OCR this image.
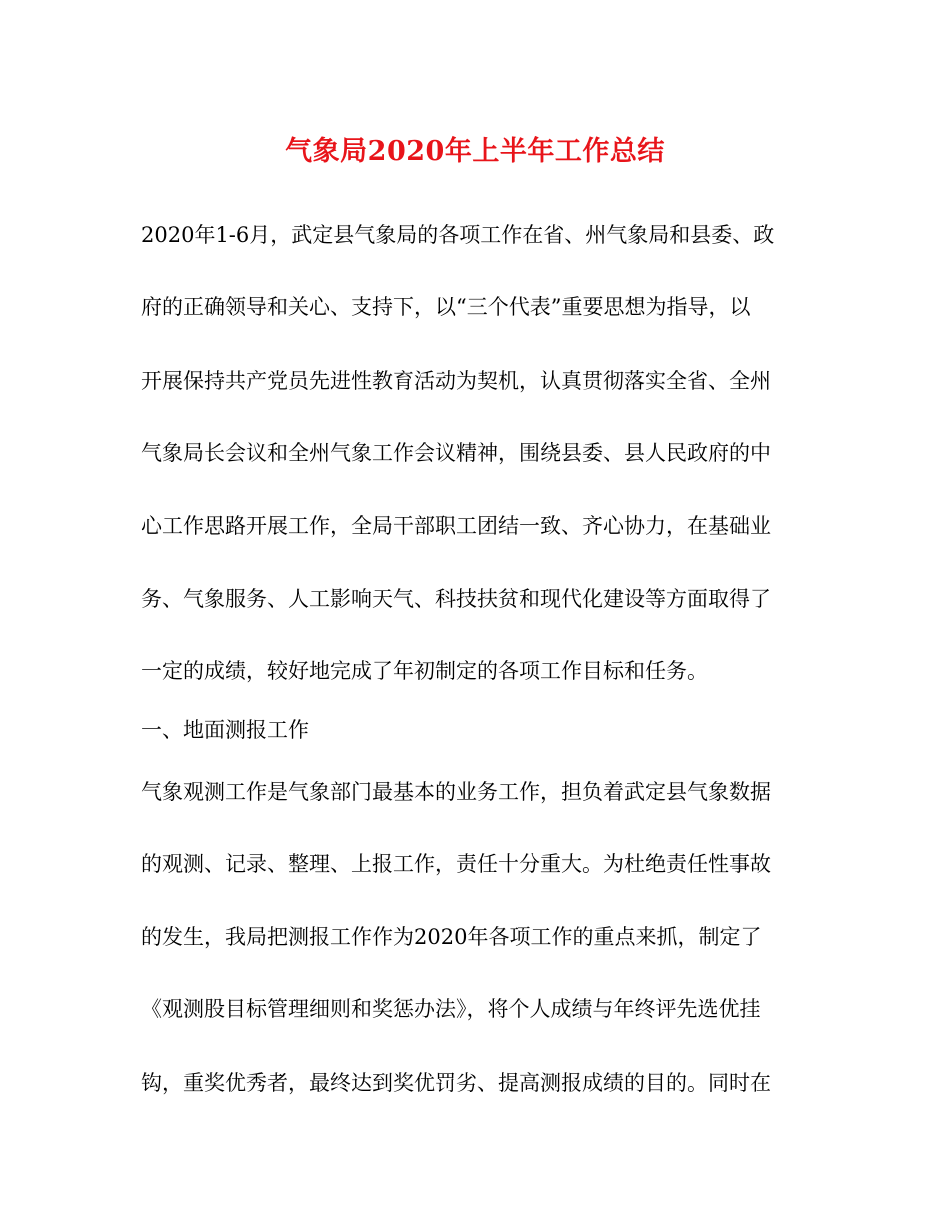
气象局2020年上半年工作总结
2020年1-6月，武定县气象局的各项工作在省、州气象局和县委、政
府的正确领导和关心、支持下，以“三个代表”重要思想为指导，以
开展保持共产党员先进性教育活动为契机，认真贯彻落实全省、全州
气象局长会议和全州气象工作会议精神，围绕县委、县人民政府的中
心工作思路开展工作，全局干部职工团结一致、齐心协力，在基础业
务、气象服务、人工影响天气、科技扶贫和现代化建设等方面取得了
一定的成绩，较好地完成了年初制定的各项工作目标和任务。
一、地面测报工作
气象观测工作是气象部门最基本的业务工作，担负着武定县气象数据
的观测、记录、整理、上报工作，责任十分重大。为杜绝责任性事故
的发生，我局把测报工作作为2020年各项工作的重点来抓，制定了
《观测股目标管理细则和奖惩办法》，将个人成绩与年终评先选优挂
钩，重奖优秀者，最终达到奖优罚劣、提高测报成绩的目的。同时在
